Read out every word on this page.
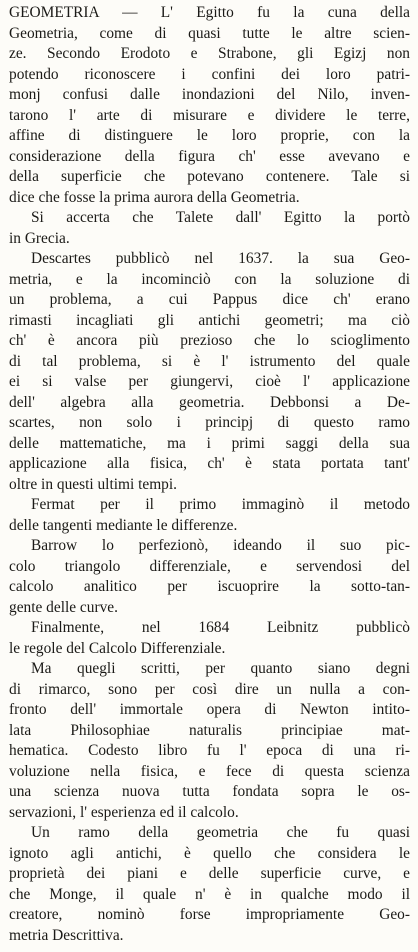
GEOMETRIA — L' Egitto fu la cuna della
Geometria, come di quasi tutte le altre scien-
ze. Secondo Erodoto e Strabone, gli Egizj non
potendo riconoscere i confini dei loro patri-
monj confusi dalle inondazioni del Nilo, inven-
tarono l' arte di misurare e dividere le terre,
affine di distinguere le loro proprie, con la
considerazione della figura ch' esse avevano e
della superficie che potevano contenere. Tale si
dice che fosse la prima aurora della Geometria.

Si accerta che Talete dall' Egitto la portò
in Grecia.

Descartes pubblicò nel 1637. la sua Geo-
metria, e la incominciò con la soluzione di
un problema, a cui Pappus dice ch' erano
rimasti incagliati gli antichi geometri; ma ciò
ch' è ancora più prezioso che lo scioglimento
di tal problema, si è l' istrumento del quale
ei si valse per giungervi, cioè l' applicazione
dell' algebra alla geometria. Debbonsi a De-
scartes, non solo i principj di questo ramo
delle mattematiche, ma i primi saggi della sua
applicazione alla fisica, ch' è stata portata tant'
oltre in questi ultimi tempi.

Fermat per il primo immaginò il metodo
delle tangenti mediante le differenze.

Barrow lo perfezionò, ideando il suo pic-
colo triangolo differenziale, e servendosi del
calcolo analitico per iscuoprire la sotto-tan-
gente delle curve.

Finalmente, nel 1684 Leibnitz pubblicò
le regole del Calcolo Differenziale.

Ma quegli scritti, per quanto siano degni
di rimarco, sono per così dire un nulla a con-
fronto dell' immortale opera di Newton intito-
lata Philosophiae naturalis principiae mat-
hematica. Codesto libro fu l' epoca di una ri-
voluzione nella fisica, e fece di questa scienza
una scienza nuova tutta fondata sopra le os-
servazioni, l' esperienza ed il calcolo.

Un ramo della geometria che fu quasi
ignoto agli antichi, è quello che considera le
proprietà dei piani e delle superficie curve, e
che Monge, il quale n' è in qualche modo il
creatore, nominò forse impropriamente Geo-
metria Descrittiva.
